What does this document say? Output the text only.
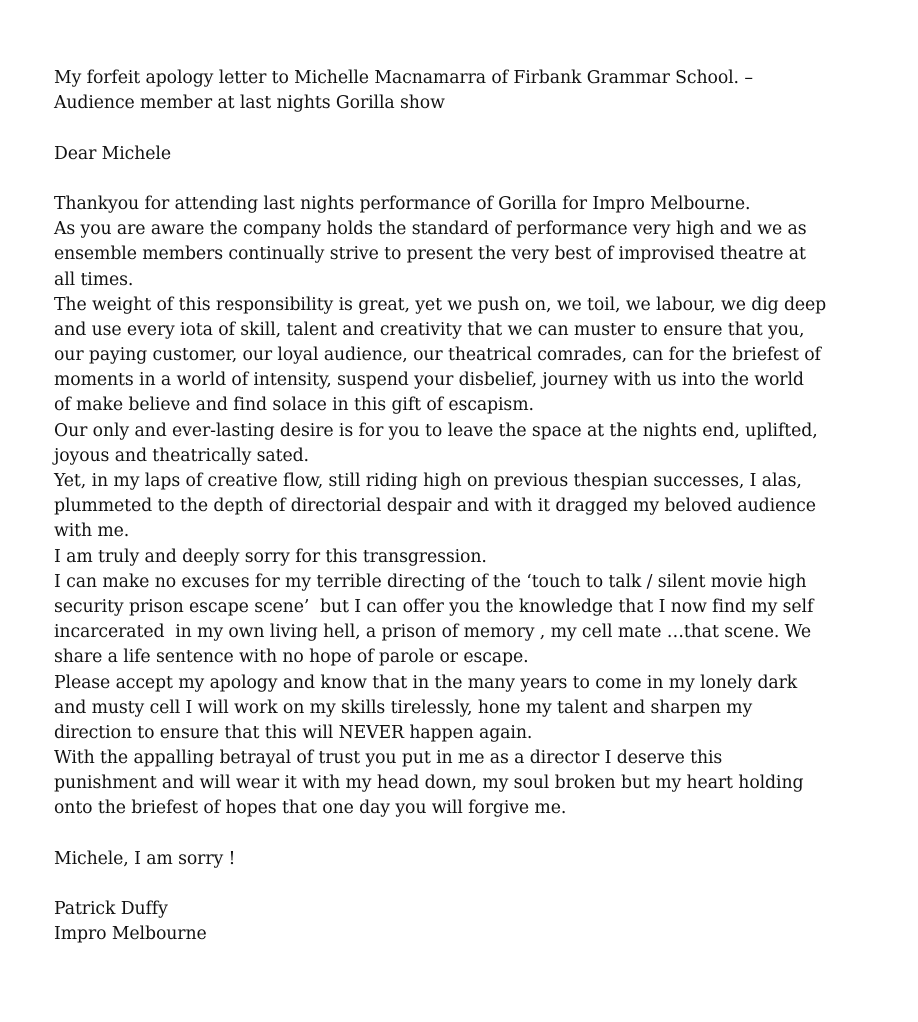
My forfeit apology letter to Michelle Macnamarra of Firbank Grammar School. –
Audience member at last nights Gorilla show
Dear Michele
Thankyou for attending last nights performance of Gorilla for Impro Melbourne.
As you are aware the company holds the standard of performance very high and we as
ensemble members continually strive to present the very best of improvised theatre at
all times.
The weight of this responsibility is great, yet we push on, we toil, we labour, we dig deep
and use every iota of skill, talent and creativity that we can muster to ensure that you,
our paying customer, our loyal audience, our theatrical comrades, can for the briefest of
moments in a world of intensity, suspend your disbelief, journey with us into the world
of make believe and find solace in this gift of escapism.
Our only and ever-lasting desire is for you to leave the space at the nights end, uplifted,
joyous and theatrically sated.
Yet, in my laps of creative flow, still riding high on previous thespian successes, I alas,
plummeted to the depth of directorial despair and with it dragged my beloved audience
with me.
I am truly and deeply sorry for this transgression.
I can make no excuses for my terrible directing of the ‘touch to talk / silent movie high
security prison escape scene’  but I can offer you the knowledge that I now find my self
incarcerated  in my own living hell, a prison of memory , my cell mate …that scene. We
share a life sentence with no hope of parole or escape.
Please accept my apology and know that in the many years to come in my lonely dark
and musty cell I will work on my skills tirelessly, hone my talent and sharpen my
direction to ensure that this will NEVER happen again.
With the appalling betrayal of trust you put in me as a director I deserve this
punishment and will wear it with my head down, my soul broken but my heart holding
onto the briefest of hopes that one day you will forgive me.
Michele, I am sorry !
Patrick Duffy
Impro Melbourne
